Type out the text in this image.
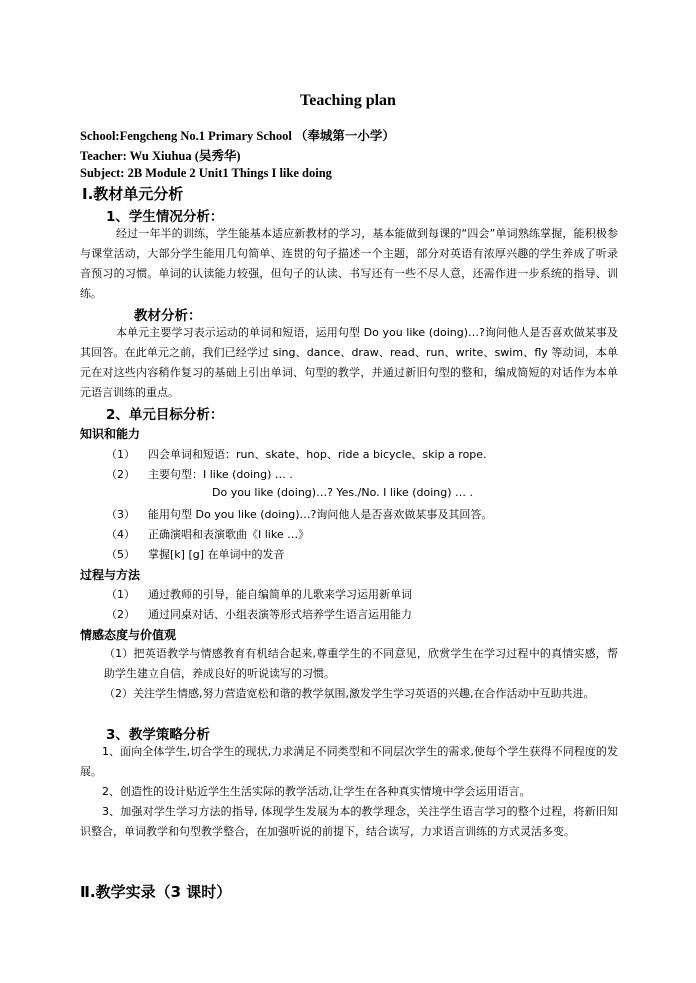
Teaching plan
School:Fengcheng No.1 Primary School （奉城第一小学）
Teacher: Wu Xiuhua (吴秀华)
Subject: 2B Module 2 Unit1 Things I like doing
Ⅰ.教材单元分析
1、学生情况分析：
经过一年半的训练，学生能基本适应新教材的学习，基本能做到每课的“四会”单词熟练掌握，能积极参与课堂活动，大部分学生能用几句简单、连贯的句子描述一个主题，部分对英语有浓厚兴趣的学生养成了听录音预习的习惯。单词的认读能力较强，但句子的认读、书写还有一些不尽人意，还需作进一步系统的指导、训练。
教材分析：
本单元主要学习表示运动的单词和短语，运用句型 Do you like (doing)…?询问他人是否喜欢做某事及其回答。在此单元之前，我们已经学过 sing、dance、draw、read、run、write、swim、fly 等动词，本单元在对这些内容稍作复习的基础上引出单词、句型的教学，并通过新旧句型的整和，编成简短的对话作为本单元语言训练的重点。
2、单元目标分析：
知识和能力
（1） 四会单词和短语：run、skate、hop、ride a bicycle、skip a rope.
（2） 主要句型：I like (doing) … .
Do you like (doing)…? Yes./No. I like (doing) … .
（3） 能用句型 Do you like (doing)…?询问他人是否喜欢做某事及其回答。
（4） 正确演唱和表演歌曲《I like …》
（5） 掌握[k] [g] 在单词中的发音
过程与方法
（1） 通过教师的引导，能自编简单的儿歌来学习运用新单词
（2） 通过同桌对话、小组表演等形式培养学生语言运用能力
情感态度与价值观
（1）把英语教学与情感教育有机结合起来,尊重学生的不同意见，欣赏学生在学习过程中的真情实感，帮助学生建立自信，养成良好的听说读写的习惯。
（2）关注学生情感,努力营造宽松和谐的教学氛围,激发学生学习英语的兴趣,在合作活动中互助共进。
3、教学策略分析
1、面向全体学生,切合学生的现状,力求满足不同类型和不同层次学生的需求,使每个学生获得不同程度的发展。
2、创造性的设计贴近学生生活实际的教学活动,让学生在各种真实情境中学会运用语言。
3、加强对学生学习方法的指导, 体现学生发展为本的教学理念，关注学生语言学习的整个过程，将新旧知识整合，单词教学和句型教学整合，在加强听说的前提下，结合读写，力求语言训练的方式灵活多变。
Ⅱ.教学实录（3 课时）
